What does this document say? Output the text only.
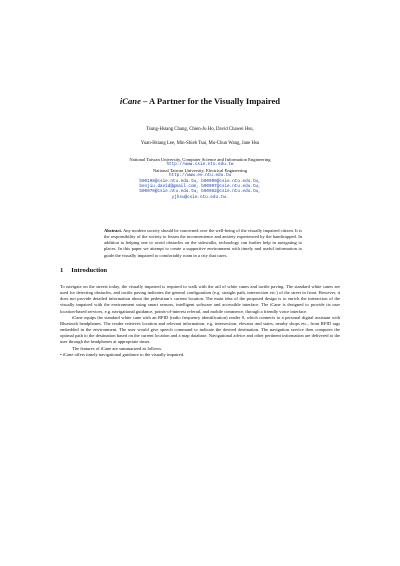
iCane – A Partner for the Visually Impaired
Tsung-Hsiang Chang, Chien-Ju Ho, David Chawei Hsu,
Yuan-Hsiang Lee, Min-Shieh Tsai, Mu-Chun Wang, Jane Hsu
National Taiwan University, Computer Science and Information Engineering
http://www.csie.ntu.edu.tw
National Taiwan University, Electrical Engineering
http://www.ee.ntu.edu.tw
b90108@csie.ntu.edu.tw, b90099@csie.ntu.edu.tw,
benjiu.david@gmail.com, b90097@csie.ntu.edu.tw,
b90070@csie.ntu.edu.tw, b90082@csie.ntu.edu.tw,
yjhsu@csie.ntu.edu.tw.
Abstract. Any modern society should be concerned over the well-being of the visually impaired citizen. It is the responsibility of the society to lessen the inconvenience and anxiety experienced by the handicapped. In addition to helping one to avoid obstacles on the sidewalks, technology can further help in navigating to places. In this paper we attempt to create a supportive environment with timely and useful information to guide the visually impaired to comfortably roam in a city that cares.
1 Introduction

To navigate on the streets today, the visually impaired is required to walk with the aid of white canes and tactile paving. The standard white canes are used for detecting obstacles, and tactile paving indicates the general configuration (e.g. straight path, intersection etc.) of the street in front. However, it does not provide detailed information about the pedestrian’s current location. The main idea of the proposed design is to enrich the interaction of the visually impaired with the environment using smart sensors, intelligent software and accessible interface. The iCane is designed to provide its user location-based services, e.g. navigational guidance, points-of-interest referral, and mobile commerce, through a friendly voice interface.

iCane equips the standard white cane with an RFID (radio frequency identification) reader 0, which connects to a personal digital assistant with Bluetooth headphones. The reader retrieves location and relevant information, e.g. intersection, elevator and stairs, nearby shops etc., from RFID tags embedded in the environment. The user would give speech command to indicate the desired destination. The navigation service then computes the optimal path to the destination based on the current location and a map database. Navigational advice and other pertinent information are delivered to the user through the headphones at appropriate times.

The features of iCane are summarized as follows.

• iCane offers timely navigational guidance to the visually impaired.
